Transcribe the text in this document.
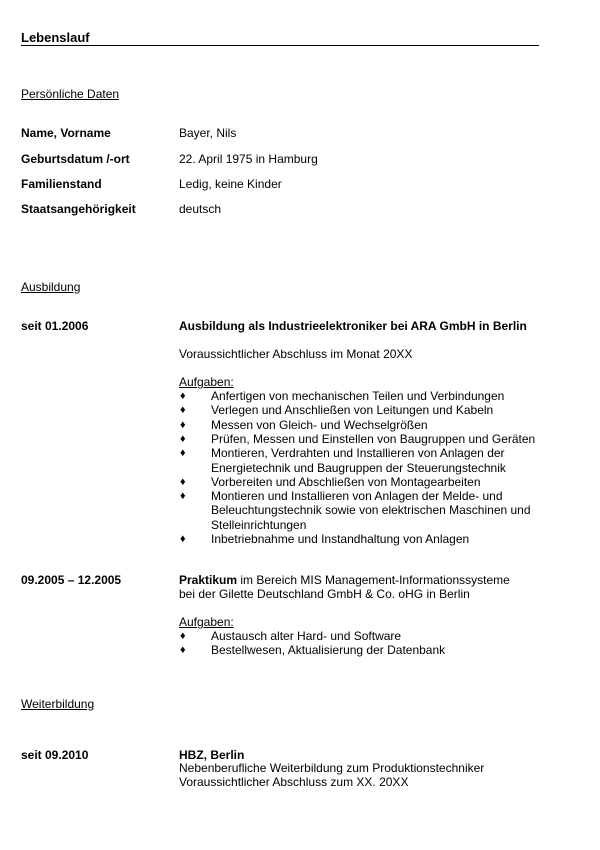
Lebenslauf
Persönliche Daten
Name, Vorname	Bayer, Nils
Geburtsdatum /-ort	22. April 1975 in Hamburg
Familienstand	Ledig, keine Kinder
Staatsangehörigkeit	deutsch
Ausbildung
seit 01.2006	Ausbildung als Industrieelektroniker bei ARA GmbH in Berlin
Voraussichtlicher Abschluss im Monat 20XX
Aufgaben:
♦ Anfertigen von mechanischen Teilen und Verbindungen
♦ Verlegen und Anschließen von Leitungen und Kabeln
♦ Messen von Gleich- und Wechselgrößen
♦ Prüfen, Messen und Einstellen von Baugruppen und Geräten
♦ Montieren, Verdrahten und Installieren von Anlagen der
Energietechnik und Baugruppen der Steuerungstechnik
♦ Vorbereiten und Abschließen von Montagearbeiten
♦ Montieren und Installieren von Anlagen der Melde- und
Beleuchtungstechnik sowie von elektrischen Maschinen und
Stelleinrichtungen
♦ Inbetriebnahme und Instandhaltung von Anlagen
09.2005 – 12.2005	Praktikum im Bereich MIS Management-Informationssysteme
bei der Gilette Deutschland GmbH & Co. oHG in Berlin
Aufgaben:
♦ Austausch alter Hard- und Software
♦ Bestellwesen, Aktualisierung der Datenbank
Weiterbildung
seit 09.2010	HBZ, Berlin
Nebenberufliche Weiterbildung zum Produktionstechniker
Voraussichtlicher Abschluss zum XX. 20XX
